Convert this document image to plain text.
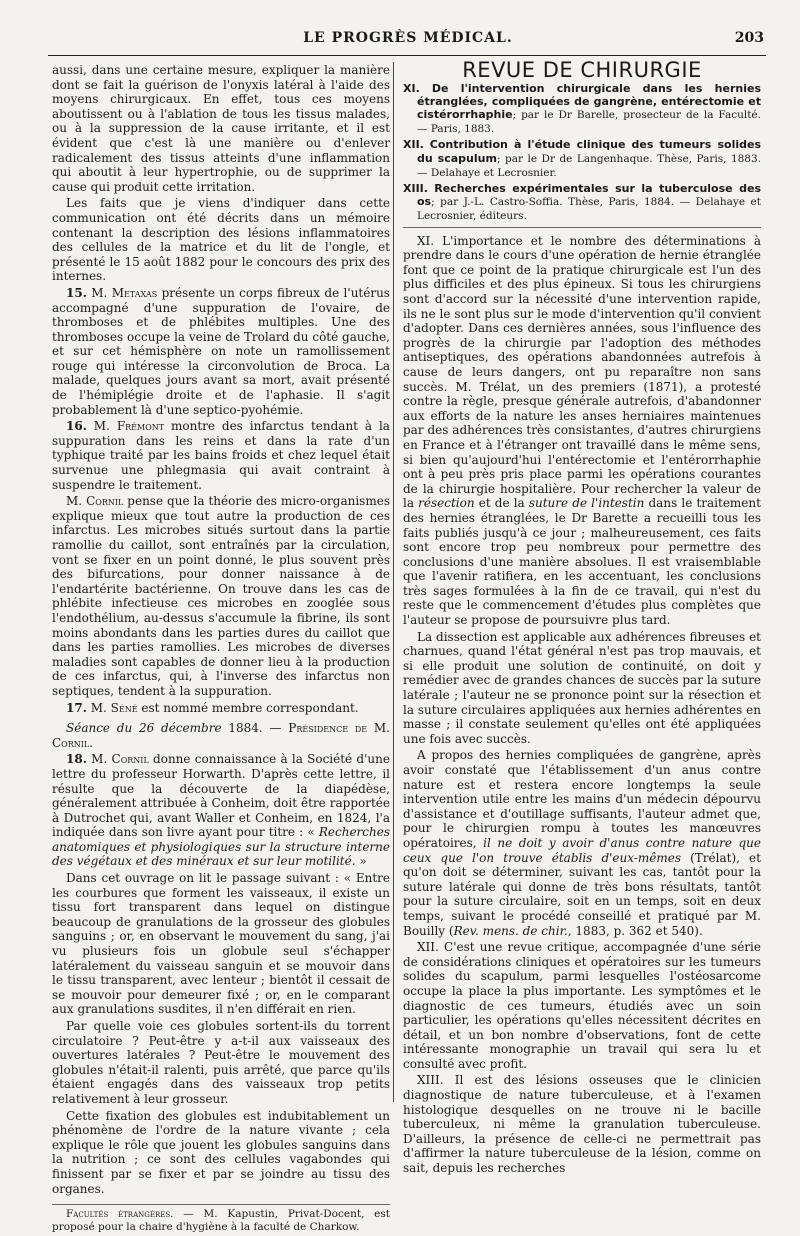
LE PROGRÈS MÉDICAL.	203

aussi, dans une certaine mesure, expliquer la manière dont se fait la guérison de l'onyxis latéral à l'aide des moyens chirurgicaux. En effet, tous ces moyens aboutissent ou à l'ablation de tous les tissus malades, ou à la suppression de la cause irritante, et il est évident que c'est là une manière ou d'enlever radicalement des tissus atteints d'une inflammation qui aboutit à leur hypertrophie, ou de supprimer la cause qui produit cette irritation.

Les faits que je viens d'indiquer dans cette communication ont été décrits dans un mémoire contenant la description des lésions inflammatoires des cellules de la matrice et du lit de l'ongle, et présenté le 15 août 1882 pour le concours des prix des internes.

15. M. Metaxas présente un corps fibreux de l'utérus accompagné d'une suppuration de l'ovaire, de thromboses et de phlébites multiples. Une des thromboses occupe la veine de Trolard du côté gauche, et sur cet hémisphère on note un ramollissement rouge qui intéresse la circonvolution de Broca. La malade, quelques jours avant sa mort, avait présenté de l'hémiplégie droite et de l'aphasie. Il s'agit probablement là d'une septico-pyohémie.

16. M. Frémont montre des infarctus tendant à la suppuration dans les reins et dans la rate d'un typhique traité par les bains froids et chez lequel était survenue une phlegmasia qui avait contraint à suspendre le traitement.

M. Cornil pense que la théorie des micro-organismes explique mieux que tout autre la production de ces infarctus. Les microbes situés surtout dans la partie ramollie du caillot, sont entraînés par la circulation, vont se fixer en un point donné, le plus souvent près des bifurcations, pour donner naissance à de l'endartérite bactérienne. On trouve dans les cas de phlébite infectieuse ces microbes en zooglée sous l'endothélium, au-dessus s'accumule la fibrine, ils sont moins abondants dans les parties dures du caillot que dans les parties ramollies. Les microbes de diverses maladies sont capables de donner lieu à la production de ces infarctus, qui, à l'inverse des infarctus non septiques, tendent à la suppuration.

17. M. Séné est nommé membre correspondant.

Séance du 26 décembre 1884. — Présidence de M. Cornil.

18. M. Cornil donne connaissance à la Société d'une lettre du professeur Horwarth. D'après cette lettre, il résulte que la découverte de la diapédèse, généralement attribuée à Conheim, doit être rapportée à Dutrochet qui, avant Waller et Conheim, en 1824, l'a indiquée dans son livre ayant pour titre : « Recherches anatomiques et physiologiques sur la structure interne des végétaux et des minéraux et sur leur motilité. »

Dans cet ouvrage on lit le passage suivant : « Entre les courbures que forment les vaisseaux, il existe un tissu fort transparent dans lequel on distingue beaucoup de granulations de la grosseur des globules sanguins ; or, en observant le mouvement du sang, j'ai vu plusieurs fois un globule seul s'échapper latéralement du vaisseau sanguin et se mouvoir dans le tissu transparent, avec lenteur ; bientôt il cessait de se mouvoir pour demeurer fixé ; or, en le comparant aux granulations susdites, il n'en différait en rien.

Par quelle voie ces globules sortent-ils du torrent circulatoire ? Peut-être y a-t-il aux vaisseaux des ouvertures latérales ? Peut-être le mouvement des globules n'était-il ralenti, puis arrêté, que parce qu'ils étaient engagés dans des vaisseaux trop petits relativement à leur grosseur.

Cette fixation des globules est indubitablement un phénomène de l'ordre de la nature vivante ; cela explique le rôle que jouent les globules sanguins dans la nutrition ; ce sont des cellules vagabondes qui finissent par se fixer et par se joindre au tissu des organes.

Facultés étrangères. — M. Kapustin, Privat-Docent, est proposé pour la chaire d'hygiène à la faculté de Charkow.

REVUE DE CHIRURGIE

XI. De l'intervention chirurgicale dans les hernies étranglées, compliquées de gangrène, entérectomie et cistérorrhaphie; par le Dr Barelle, prosecteur de la Faculté. — Paris, 1883.

XII. Contribution à l'étude clinique des tumeurs solides du scapulum; par le Dr de Langenhaque. Thèse, Paris, 1883. — Delahaye et Lecrosnier.

XIII. Recherches expérimentales sur la tuberculose des os; par J.-L. Castro-Soffia. Thèse, Paris, 1884. — Delahaye et Lecrosnier, éditeurs.

XI. L'importance et le nombre des déterminations à prendre dans le cours d'une opération de hernie étranglée font que ce point de la pratique chirurgicale est l'un des plus difficiles et des plus épineux. Si tous les chirurgiens sont d'accord sur la nécessité d'une intervention rapide, ils ne le sont plus sur le mode d'intervention qu'il convient d'adopter. Dans ces dernières années, sous l'influence des progrès de la chirurgie par l'adoption des méthodes antiseptiques, des opérations abandonnées autrefois à cause de leurs dangers, ont pu reparaître non sans succès. M. Trélat, un des premiers (1871), a protesté contre la règle, presque générale autrefois, d'abandonner aux efforts de la nature les anses herniaires maintenues par des adhérences très consistantes, d'autres chirurgiens en France et à l'étranger ont travaillé dans le même sens, si bien qu'aujourd'hui l'entérectomie et l'entérorrhaphie ont à peu près pris place parmi les opérations courantes de la chirurgie hospitalière. Pour rechercher la valeur de la résection et de la suture de l'intestin dans le traitement des hernies étranglées, le Dr Barette a recueilli tous les faits publiés jusqu'à ce jour ; malheureusement, ces faits sont encore trop peu nombreux pour permettre des conclusions d'une manière absolues. Il est vraisemblable que l'avenir ratifiera, en les accentuant, les conclusions très sages formulées à la fin de ce travail, qui n'est du reste que le commencement d'études plus complètes que l'auteur se propose de poursuivre plus tard.

La dissection est applicable aux adhérences fibreuses et charnues, quand l'état général n'est pas trop mauvais, et si elle produit une solution de continuité, on doit y remédier avec de grandes chances de succès par la suture latérale ; l'auteur ne se prononce point sur la résection et la suture circulaires appliquées aux hernies adhérentes en masse ; il constate seulement qu'elles ont été appliquées une fois avec succès.

A propos des hernies compliquées de gangrène, après avoir constaté que l'établissement d'un anus contre nature est et restera encore longtemps la seule intervention utile entre les mains d'un médecin dépourvu d'assistance et d'outillage suffisants, l'auteur admet que, pour le chirurgien rompu à toutes les manœuvres opératoires, il ne doit y avoir d'anus contre nature que ceux que l'on trouve établis d'eux-mêmes (Trélat), et qu'on doit se déterminer, suivant les cas, tantôt pour la suture latérale qui donne de très bons résultats, tantôt pour la suture circulaire, soit en un temps, soit en deux temps, suivant le procédé conseillé et pratiqué par M. Bouilly (Rev. mens. de chir., 1883, p. 362 et 540).

XII. C'est une revue critique, accompagnée d'une série de considérations cliniques et opératoires sur les tumeurs solides du scapulum, parmi lesquelles l'ostéosarcome occupe la place la plus importante. Les symptômes et le diagnostic de ces tumeurs, étudiés avec un soin particulier, les opérations qu'elles nécessitent décrites en détail, et un bon nombre d'observations, font de cette intéressante monographie un travail qui sera lu et consulté avec profit.

XIII. Il est des lésions osseuses que le clinicien diagnostique de nature tuberculeuse, et à l'examen histologique desquelles on ne trouve ni le bacille tuberculeux, ni même la granulation tuberculeuse. D'ailleurs, la présence de celle-ci ne permettrait pas d'affirmer la nature tuberculeuse de la lésion, comme on sait, depuis les recherches
